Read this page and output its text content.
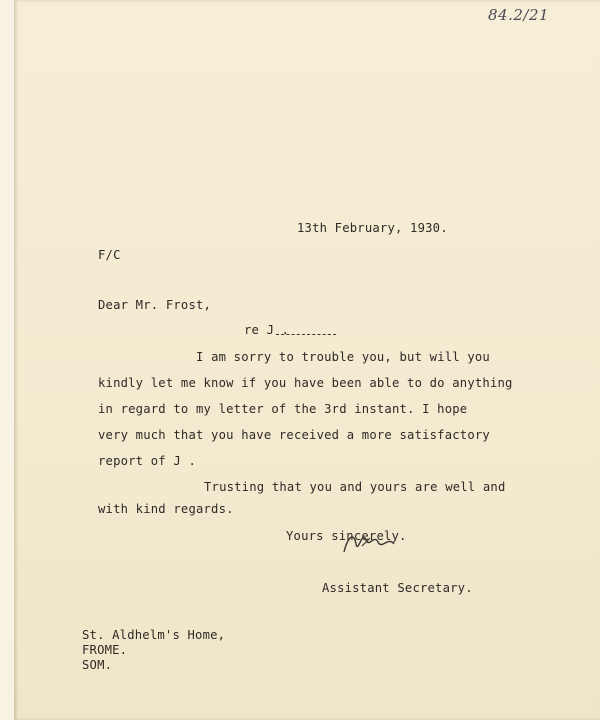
84.2/21
13th February, 1930.
F/C
Dear Mr. Frost,
re J .
I am sorry to trouble you, but will you
kindly let me know if you have been able to do anything
in regard to my letter of the 3rd instant. I hope
very much that you have received a more satisfactory
report of J .
Trusting that you and yours are well and
with kind regards.
Yours sincerely.
Assistant Secretary.
St. Aldhelm's Home,
FROME.
SOM.
